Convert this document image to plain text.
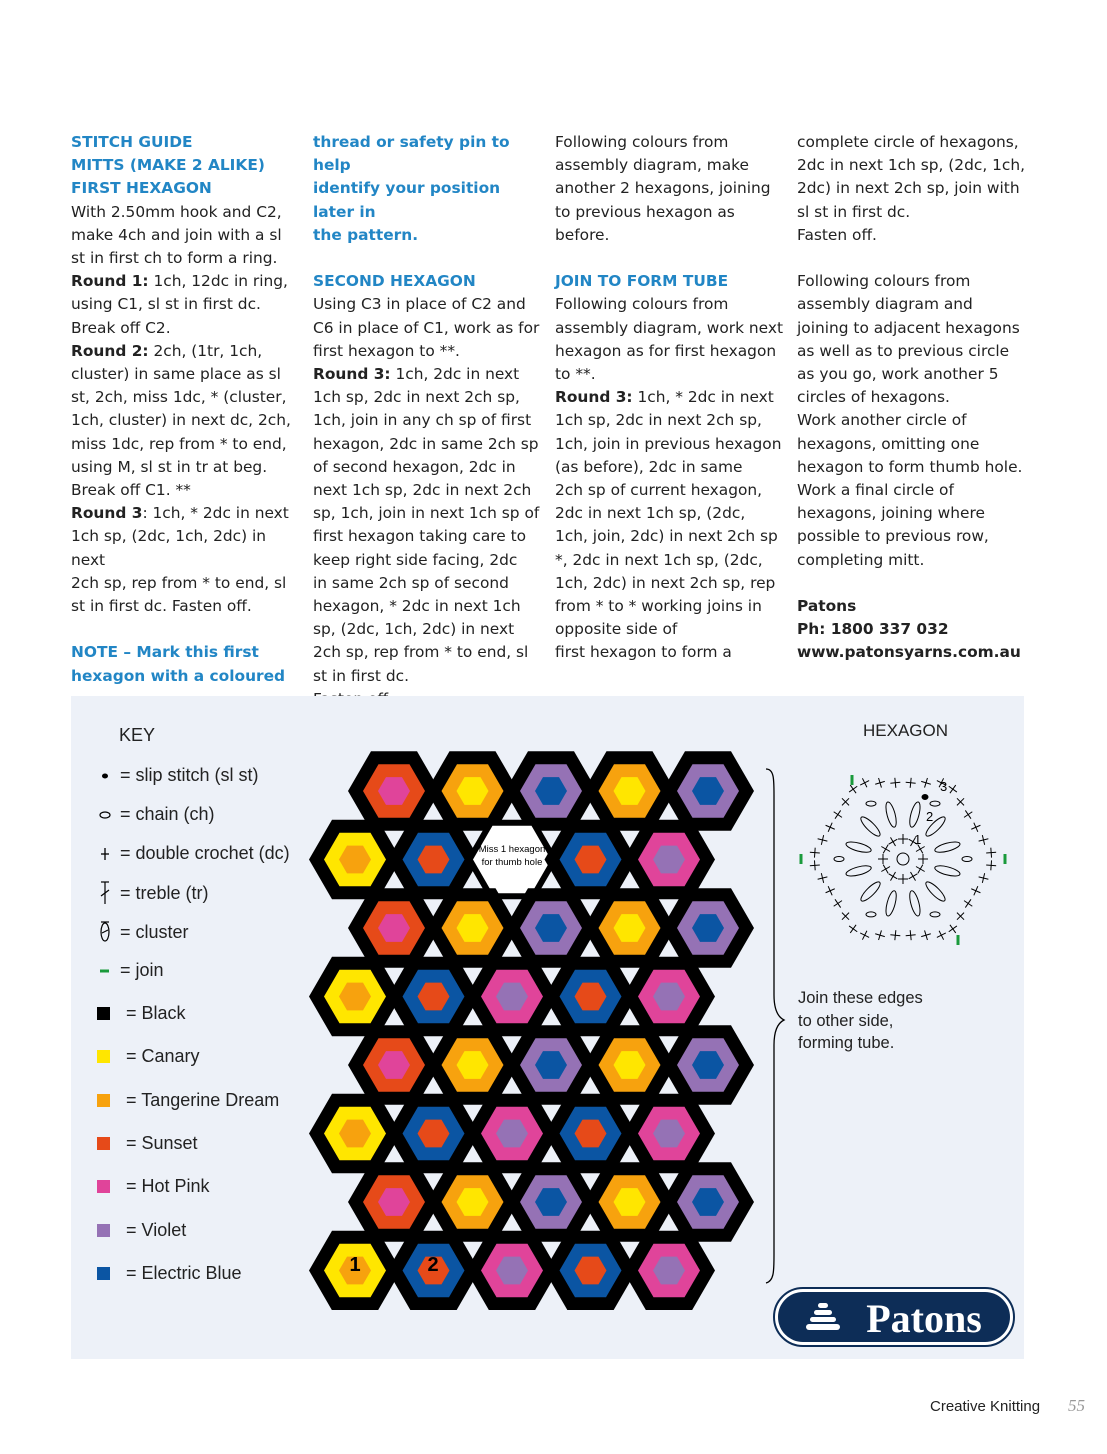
STITCH GUIDE

MITTS (MAKE 2 ALIKE)

FIRST HEXAGON

With 2.50mm hook and C2,

make 4ch and join with a sl

st in first ch to form a ring.

Round 1: 1ch, 12dc in ring,

using C1, sl st in first dc.

Break off C2.

Round 2: 2ch, (1tr, 1ch,

cluster) in same place as sl

st, 2ch, miss 1dc, * (cluster,

1ch, cluster) in next dc, 2ch,

miss 1dc, rep from * to end,

using M, sl st in tr at beg.

Break off C1. **

Round 3: 1ch, * 2dc in next

1ch sp, (2dc, 1ch, 2dc) in next

2ch sp, rep from * to end, sl

st in first dc. Fasten off.

NOTE – Mark this first

hexagon with a coloured

thread or safety pin to help

identify your position later in

the pattern.

SECOND HEXAGON

Using C3 in place of C2 and

C6 in place of C1, work as for

first hexagon to **.

Round 3: 1ch, 2dc in next

1ch sp, 2dc in next 2ch sp,

1ch, join in any ch sp of first

hexagon, 2dc in same 2ch sp

of second hexagon, 2dc in

next 1ch sp, 2dc in next 2ch

sp, 1ch, join in next 1ch sp of

first hexagon taking care to

keep right side facing, 2dc

in same 2ch sp of second

hexagon, * 2dc in next 1ch

sp, (2dc, 1ch, 2dc) in next

2ch sp, rep from * to end, sl

st in first dc.

Following colours from

assembly diagram, make

another 2 hexagons, joining

to previous hexagon as

before.

JOIN TO FORM TUBE

Following colours from

assembly diagram, work next

hexagon as for first hexagon

to **.

Round 3: 1ch, * 2dc in next

1ch sp, 2dc in next 2ch sp,

1ch, join in previous hexagon

(as before), 2dc in same

2ch sp of current hexagon,

2dc in next 1ch sp, (2dc,

1ch, join, 2dc) in next 2ch sp

*, 2dc in next 1ch sp, (2dc,

1ch, 2dc) in next 2ch sp, rep

from * to * working joins in

opposite side of

first hexagon to form a

complete circle of hexagons,

2dc in next 1ch sp, (2dc, 1ch,

2dc) in next 2ch sp, join with

sl st in first dc.

Fasten off.

Following colours from

assembly diagram and

joining to adjacent hexagons

as well as to previous circle

as you go, work another 5

circles of hexagons.

Work another circle of

hexagons, omitting one

hexagon to form thumb hole.

Work a final circle of

hexagons, joining where

possible to previous row,

completing mitt.

Patons

Ph: 1800 337 032

www.patonsyarns.com.au

KEY
= slip stitch (sl st)
= chain (ch)
= double crochet (dc)
= treble (tr)
= cluster
= join
= Black
= Canary
= Tangerine Dream
= Sunset
= Hot Pink
= Violet
= Electric Blue
Miss 1 hexagon
for thumb hole
1	2
HEXAGON
1
2
3
Join these edges
to other side,
forming tube.
Patons
Creative Knitting 55
